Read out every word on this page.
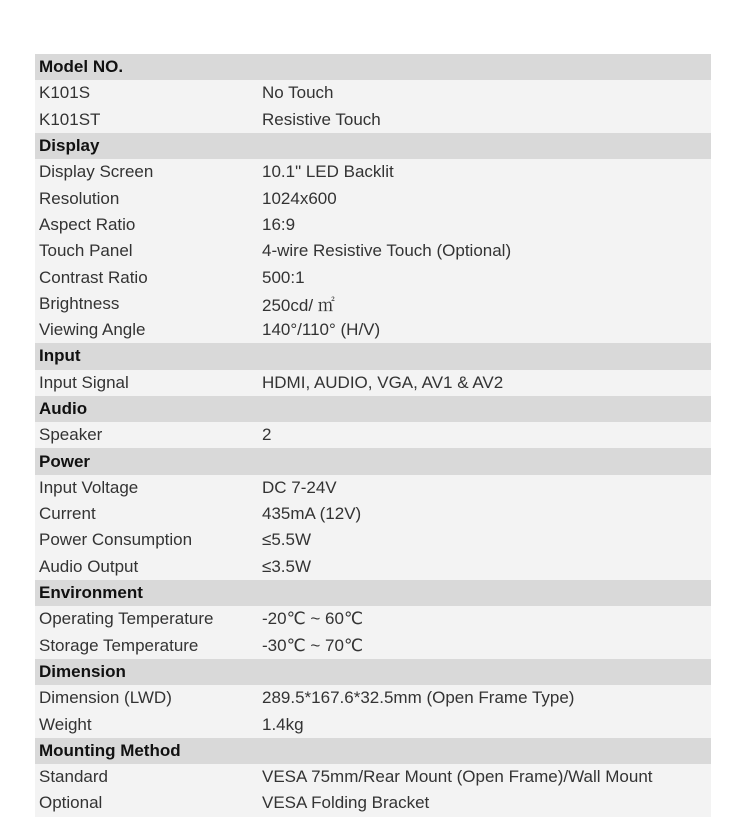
Model NO.
K101S	No Touch
K101ST	Resistive Touch
Display
Display Screen	10.1" LED Backlit
Resolution	1024x600
Aspect Ratio	16:9
Touch Panel	4-wire Resistive Touch (Optional)
Contrast Ratio	500:1
Brightness	250cd/ ㎡
Viewing Angle	140°/110° (H/V)
Input
Input Signal	HDMI, AUDIO, VGA, AV1 & AV2
Audio
Speaker	2
Power
Input Voltage	DC 7-24V
Current	435mA (12V)
Power Consumption	≤5.5W
Audio Output	≤3.5W
Environment
Operating Temperature	-20℃ ~ 60℃
Storage Temperature	-30℃ ~ 70℃
Dimension
Dimension (LWD)	289.5*167.6*32.5mm (Open Frame Type)
Weight	1.4kg
Mounting Method
Standard	VESA 75mm/Rear Mount (Open Frame)/Wall Mount
Optional	VESA Folding Bracket
